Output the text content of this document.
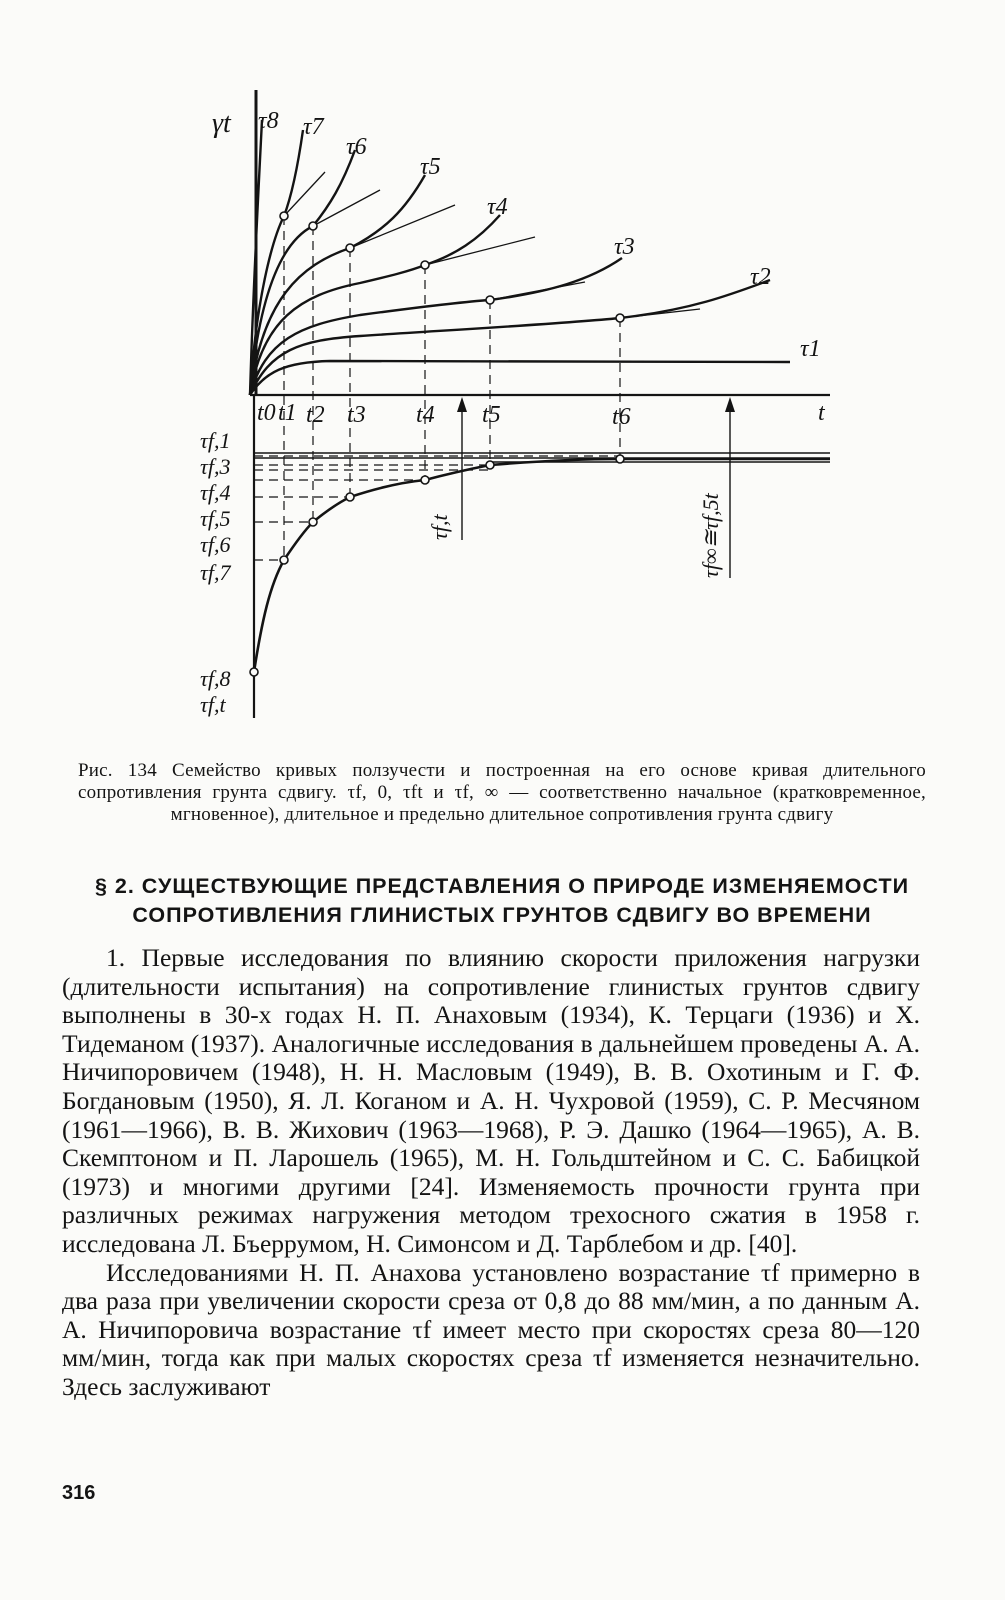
γt
t
τ8 τ7
τ6
τ5
τ4
τ3
τ2
τ1
t0 t1 t2 t3 t4 t5	t6
τf,1
τf,3
τf,4
τf,5
τf,6
τf,7
τf,8
τf,t
τf,t	τf∞≅τf,5t
Рис. 134 Семейство кривых ползучести и построенная на его основе кривая длительного сопротивления грунта сдвигу. τf, 0, τft и τf, ∞ — соответственно начальное (кратковременное, мгновенное), длительное и предельно длительное сопротивления грунта сдвигу
§ 2. СУЩЕСТВУЮЩИЕ ПРЕДСТАВЛЕНИЯ О ПРИРОДЕ ИЗМЕНЯЕМОСТИ СОПРОТИВЛЕНИЯ ГЛИНИСТЫХ ГРУНТОВ СДВИГУ ВО ВРЕМЕНИ

1. Первые исследования по влиянию скорости приложения нагрузки (длительности испытания) на сопротивление глинистых грунтов сдвигу выполнены в 30-х годах Н. П. Анаховым (1934), К. Терцаги (1936) и Х. Тидеманом (1937). Аналогичные исследования в дальнейшем проведены А. А. Ничипоровичем (1948), Н. Н. Масловым (1949), В. В. Охотиным и Г. Ф. Богдановым (1950), Я. Л. Коганом и А. Н. Чухровой (1959), С. Р. Месчяном (1961—1966), В. В. Жихович (1963—1968), Р. Э. Дашко (1964—1965), А. В. Скемптоном и П. Ларошель (1965), М. Н. Гольдштейном и С. С. Бабицкой (1973) и многими другими [24]. Изменяемость прочности грунта при различных режимах нагружения методом трехосного сжатия в 1958 г. исследована Л. Бъеррумом, Н. Симонсом и Д. Тарблебом и др. [40].

Исследованиями Н. П. Анахова установлено возрастание τf примерно в два раза при увеличении скорости среза от 0,8 до 88 мм/мин, а по данным А. А. Ничипоровича возрастание τf имеет место при скоростях среза 80—120 мм/мин, тогда как при малых скоростях среза τf изменяется незначительно. Здесь заслуживают

316
